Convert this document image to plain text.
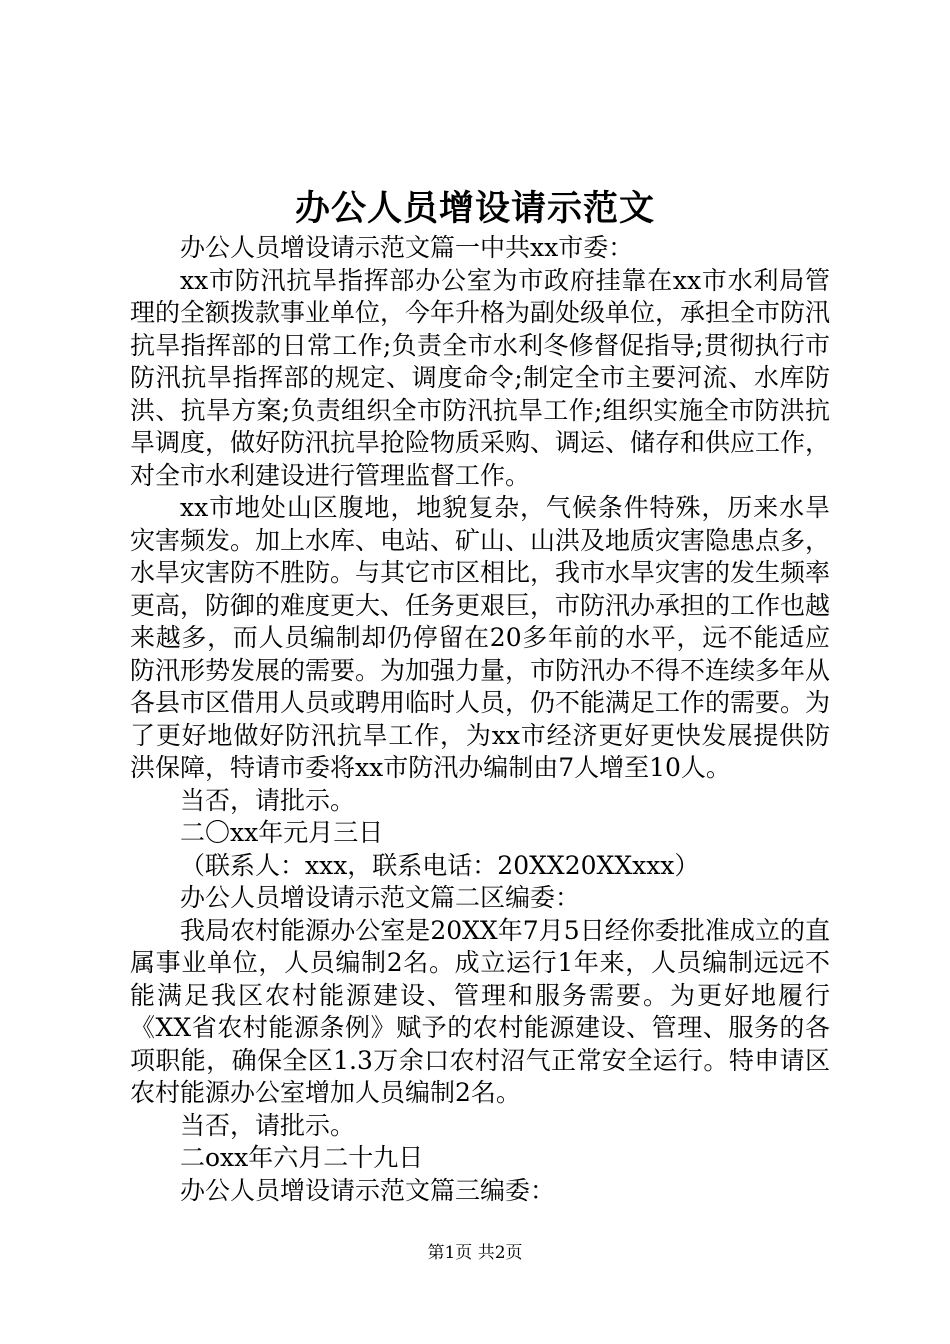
办公人员增设请示范文

办公人员增设请示范文篇一中共xx市委：

xx市防汛抗旱指挥部办公室为市政府挂靠在xx市水利局管理的全额拨款事业单位，今年升格为副处级单位，承担全市防汛抗旱指挥部的日常工作;负责全市水利冬修督促指导;贯彻执行市防汛抗旱指挥部的规定、调度命令;制定全市主要河流、水库防洪、抗旱方案;负责组织全市防汛抗旱工作;组织实施全市防洪抗旱调度，做好防汛抗旱抢险物质采购、调运、储存和供应工作，对全市水利建设进行管理监督工作。

xx市地处山区腹地，地貌复杂，气候条件特殊，历来水旱灾害频发。加上水库、电站、矿山、山洪及地质灾害隐患点多，水旱灾害防不胜防。与其它市区相比，我市水旱灾害的发生频率更高，防御的难度更大、任务更艰巨，市防汛办承担的工作也越来越多，而人员编制却仍停留在20多年前的水平，远不能适应防汛形势发展的需要。为加强力量，市防汛办不得不连续多年从各县市区借用人员或聘用临时人员，仍不能满足工作的需要。为了更好地做好防汛抗旱工作，为xx市经济更好更快发展提供防洪保障，特请市委将xx市防汛办编制由7人增至10人。

当否，请批示。

二〇xx年元月三日

（联系人：xxx，联系电话：20XX20XXxxx）

办公人员增设请示范文篇二区编委：

我局农村能源办公室是20XX年7月5日经你委批准成立的直属事业单位，人员编制2名。成立运行1年来，人员编制远远不能满足我区农村能源建设、管理和服务需要。为更好地履行《XX省农村能源条例》赋予的农村能源建设、管理、服务的各项职能，确保全区1.3万余口农村沼气正常安全运行。特申请区农村能源办公室增加人员编制2名。

当否，请批示。

二oxx年六月二十九日

办公人员增设请示范文篇三编委：

第1页 共2页
